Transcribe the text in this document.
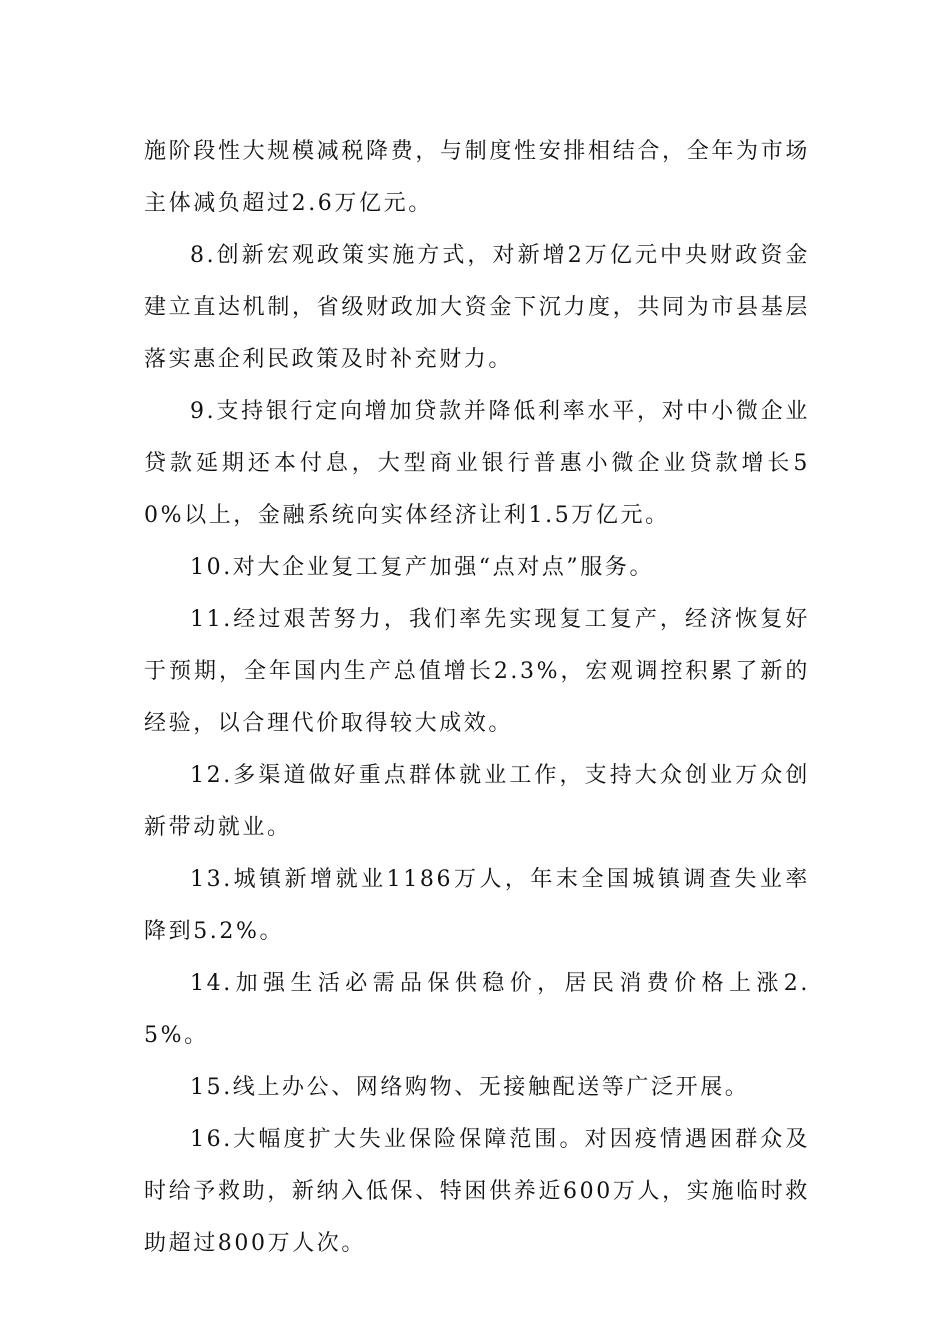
施阶段性大规模减税降费，与制度性安排相结合，全年为市场主体减负超过2.6万亿元。

8.创新宏观政策实施方式，对新增2万亿元中央财政资金建立直达机制，省级财政加大资金下沉力度，共同为市县基层落实惠企利民政策及时补充财力。

9.支持银行定向增加贷款并降低利率水平，对中小微企业贷款延期还本付息，大型商业银行普惠小微企业贷款增长50%以上，金融系统向实体经济让利1.5万亿元。

10.对大企业复工复产加强“点对点”服务。

11.经过艰苦努力，我们率先实现复工复产，经济恢复好于预期，全年国内生产总值增长2.3%，宏观调控积累了新的经验，以合理代价取得较大成效。

12.多渠道做好重点群体就业工作，支持大众创业万众创新带动就业。

13.城镇新增就业1186万人，年末全国城镇调查失业率降到5.2%。

14.加强生活必需品保供稳价，居民消费价格上涨2.5%。

15.线上办公、网络购物、无接触配送等广泛开展。

16.大幅度扩大失业保险保障范围。对因疫情遇困群众及时给予救助，新纳入低保、特困供养近600万人，实施临时救助超过800万人次。
